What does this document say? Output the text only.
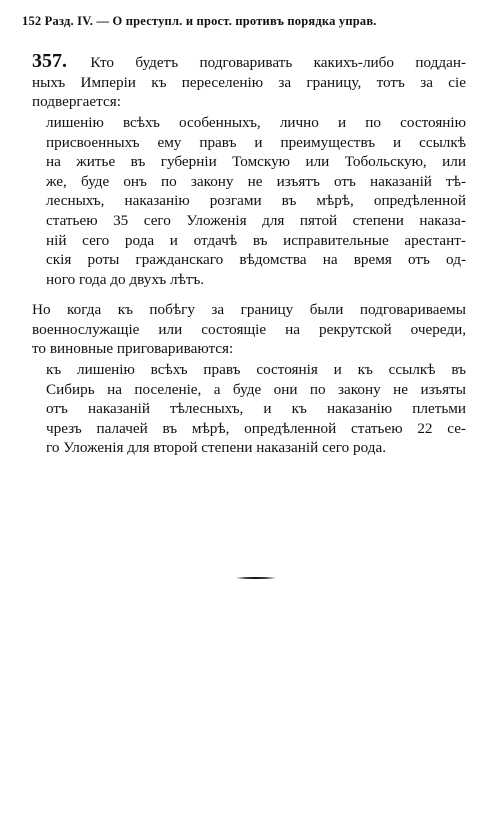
152 Разд. IV. — О преступл. и прост. противъ порядка управ.
357. Кто будетъ подговаривать какихъ-либо поддан-
ныхъ Имперіи къ переселенію за границу, тотъ за сіе
подвергается:
лишенію всѣхъ особенныхъ, лично и по состоянію
присвоенныхъ ему правъ и преимуществъ и ссылкѣ
на житье въ губерніи Томскую или Тобольскую, или
же, буде онъ по закону не изъятъ отъ наказаній тѣ-
лесныхъ, наказанію розгами въ мѣрѣ, опредѣленной
статьею 35 сего Уложенія для пятой степени наказа-
ній сего рода и отдачѣ въ исправительные арестант-
скія роты гражданскаго вѣдомства на время отъ од-
ного года до двухъ лѣтъ.
Но когда къ побѣгу за границу были подговариваемы
военнослужащіе или состоящіе на рекрутской очереди,
то виновные приговариваются:
къ лишенію всѣхъ правъ состоянія и къ ссылкѣ въ
Сибирь на поселеніе, а буде они по закону не изъяты
отъ наказаній тѣлесныхъ, и къ наказанію плетьми
чрезъ палачей въ мѣрѣ, опредѣленной статьею 22 се-
го Уложенія для второй степени наказаній сего рода.
